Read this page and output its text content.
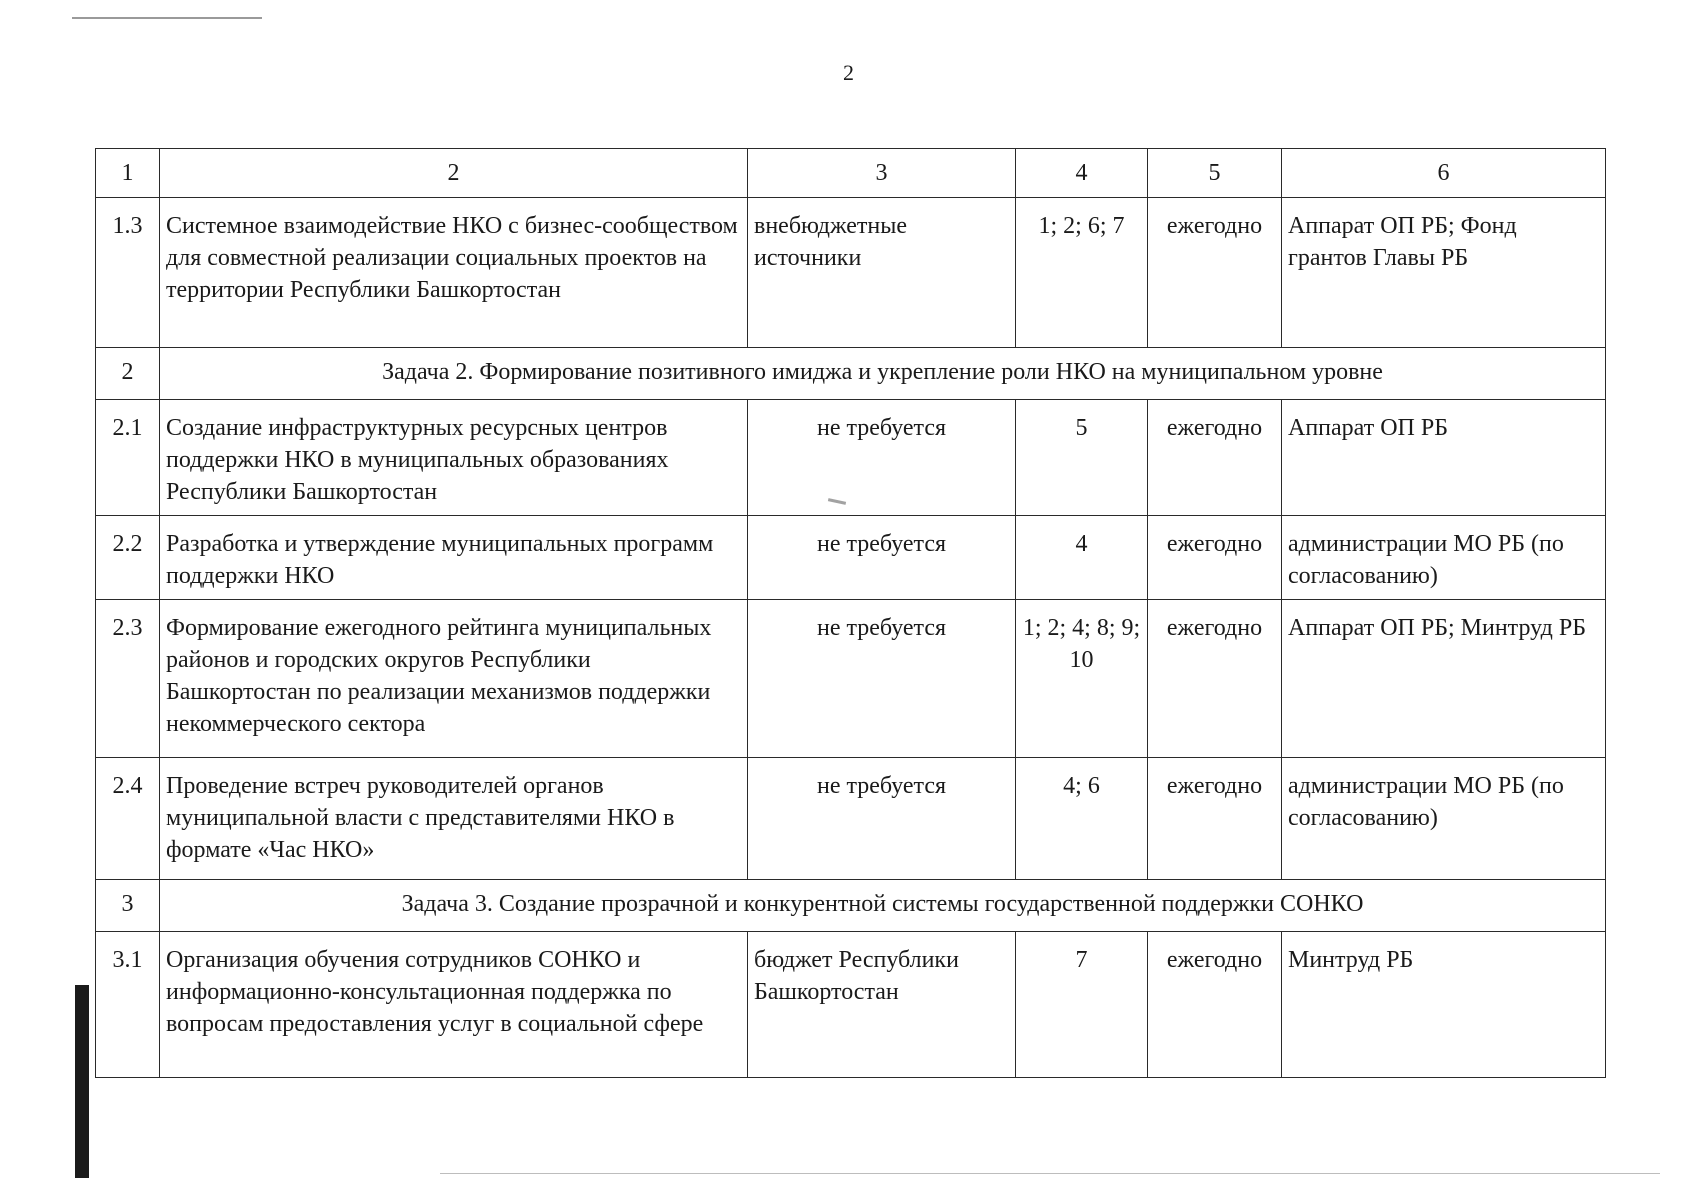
2
1	2	3	4	5	6
1.3	Системное взаимодействие НКО с бизнес-сообществом для совместной реализации социальных проектов на территории Республики Башкортостан	внебюджетные источники	1; 2; 6; 7	ежегодно	Аппарат ОП РБ; Фонд грантов Главы РБ
2	Задача 2. Формирование позитивного имиджа и укрепление роли НКО на муниципальном уровне				
2.1	Создание инфраструктурных ресурсных центров поддержки НКО в муниципальных образованиях Республики Башкортостан	не требуется	5	ежегодно	Аппарат ОП РБ
2.2	Разработка и утверждение муниципальных программ поддержки НКО	не требуется	4	ежегодно	администрации МО РБ (по согласованию)
2.3	Формирование ежегодного рейтинга муниципальных районов и городских округов Республики Башкортостан по реализации механизмов поддержки некоммерческого сектора	не требуется	1; 2; 4; 8; 9; 10	ежегодно	Аппарат ОП РБ; Минтруд РБ
2.4	Проведение встреч руководителей органов муниципальной власти с представителями НКО в формате «Час НКО»	не требуется	4; 6	ежегодно	администрации МО РБ (по согласованию)
3	Задача 3. Создание прозрачной и конкурентной системы государственной поддержки СОНКО				
3.1	Организация обучения сотрудников СОНКО и информационно-консультационная поддержка по вопросам предоставления услуг в социальной сфере	бюджет Республики Башкортостан	7	ежегодно	Минтруд РБ
